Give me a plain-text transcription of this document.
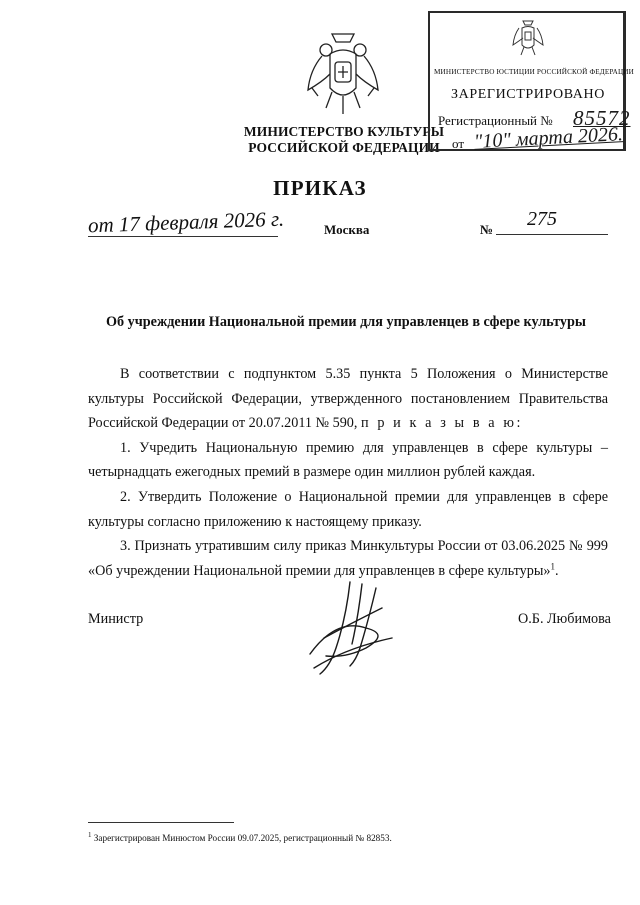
МИНИСТЕРСТВО КУЛЬТУРЫ
РОССИЙСКОЙ ФЕДЕРАЦИИ
МИНИСТЕРСТВО ЮСТИЦИИ РОССИЙСКОЙ ФЕДЕРАЦИИ
ЗАРЕГИСТРИРОВАНО
Регистрационный № 85572
от "10" марта 2026.
ПРИКАЗ
от 17 февраля 2026 г.	Москва	№ 275
Об учреждении Национальной премии для управленцев в сфере культуры

В соответствии с подпунктом 5.35 пункта 5 Положения о Министерстве культуры Российской Федерации, утвержденного постановлением Правительства Российской Федерации от 20.07.2011 № 590, п р и к а з ы в а ю:

1. Учредить Национальную премию для управленцев в сфере культуры – четырнадцать ежегодных премий в размере один миллион рублей каждая.

2. Утвердить Положение о Национальной премии для управленцев в сфере культуры согласно приложению к настоящему приказу.

3. Признать утратившим силу приказ Минкультуры России от 03.06.2025 № 999 «Об учреждении Национальной премии для управленцев в сфере культуры»$^1$.

Министр	О.Б. Любимова
$^1$ Зарегистрирован Минюстом России 09.07.2025, регистрационный № 82853.
